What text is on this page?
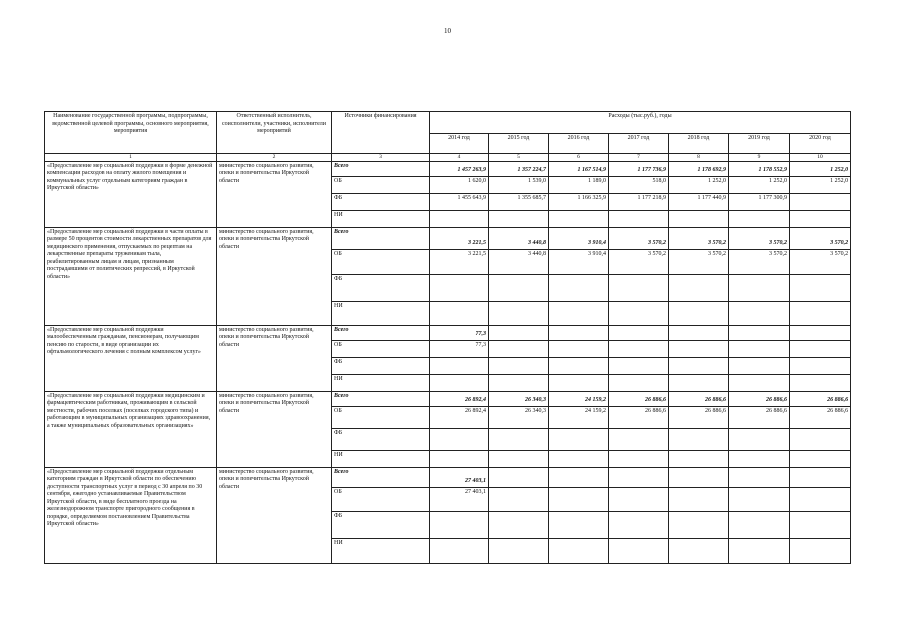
10
Наименование государственной программы, подпрограммы, ведомственной целевой программы, основного мероприятия, мероприятия	Ответственный исполнитель, соисполнители, участники, исполнители мероприятий	Источники финансирования	Расходы (тыс.руб.), годы						
			2014 год	2015 год	2016 год	2017 год	2018 год	2019 год	2020 год
1	2	3	4	5	6	7	8	9	10
«Предоставление мер социальной поддержки в форме денежной компенсации расходов на оплату жилого помещения и коммунальных услуг отдельным категориям граждан в Иркутской области»	министерство социального развития, опеки и попечительства Иркутской области	Всего	1 457 263,9	1 357 224,7	1 167 514,9	1 177 736,9	1 178 692,9	1 178 552,9	1 252,0
		ОБ	1 620,0	1 539,0	1 189,0	518,0	1 252,0	1 252,0	1 252,0
		ФБ	1 455 643,9	1 355 685,7	1 166 325,9	1 177 218,9	1 177 440,9	1 177 300,9	
		НИ							
«Предоставление мер социальной поддержки в части оплаты в размере 50 процентов стоимости лекарственных препаратов для медицинского применения, отпускаемых по рецептам на лекарственные препараты труженикам тыла, реабилитированным лицам и лицам, признанным пострадавшими от политических репрессий, в Иркутской области»	министерство социального развития, опеки и попечительства Иркутской области	Всего	3 221,5	3 440,8	3 910,4	3 570,2	3 570,2	3 570,2	3 570,2
		ОБ	3 221,5	3 440,8	3 910,4	3 570,2	3 570,2	3 570,2	3 570,2
		ФБ							
		НИ							
«Предоставление мер социальной поддержки малообеспеченным гражданам, пенсионерам, получающим пенсию по старости, в виде организации их офтальмологического лечения с полным комплексом услуг»	министерство социального развития, опеки и попечительства Иркутской области	Всего	77,3						
		ОБ	77,3						
		ФБ							
		НИ							
«Предоставление мер социальной поддержки медицинским и фармацевтическим работникам, проживающим в сельской местности, рабочих поселках (поселках городского типа) и работающим в муниципальных организациях здравоохранения, а также муниципальных образовательных организациях»	министерство социального развития, опеки и попечительства Иркутской области	Всего	26 892,4	26 340,3	24 159,2	26 886,6	26 886,6	26 886,6	26 886,6
		ОБ	26 892,4	26 340,3	24 159,2	26 886,6	26 886,6	26 886,6	26 886,6
		ФБ							
		НИ							
«Предоставление мер социальной поддержки отдельным категориям граждан в Иркутской области по обеспечению доступности транспортных услуг в период с 30 апреля по 30 сентября, ежегодно устанавливаемые Правительством Иркутской области, в виде бесплатного проезда на железнодорожном транспорте пригородного сообщения в порядке, определяемом постановлением Правительства Иркутской области»	министерство социального развития, опеки и попечительства Иркутской области	Всего	27 403,1						
		ОБ	27 403,1						
		ФБ							
		НИ							
